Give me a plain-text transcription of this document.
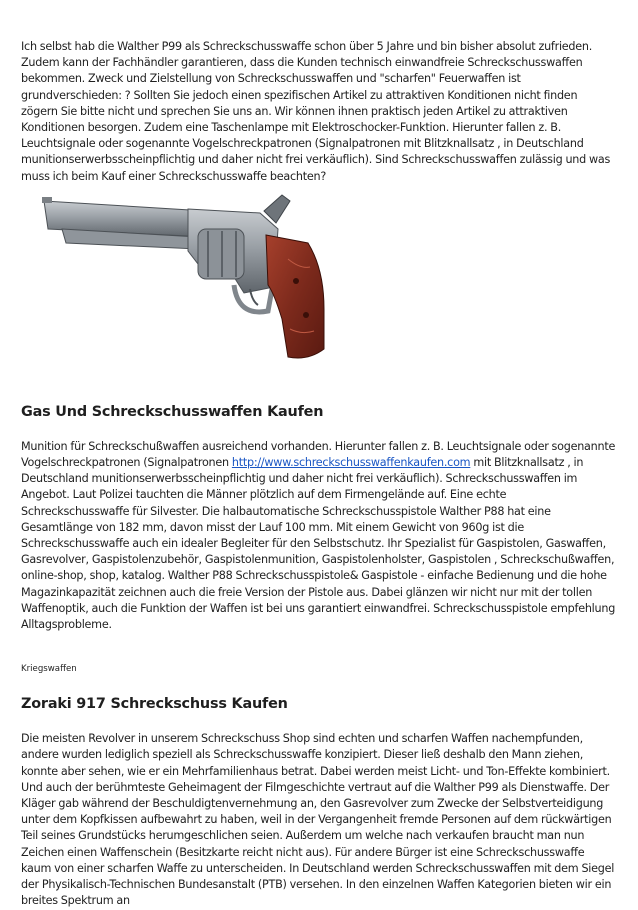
Ich selbst hab die Walther P99 als Schreckschusswaffe schon über 5 Jahre und bin bisher absolut zufrieden. Zudem kann der Fachhändler garantieren, dass die Kunden technisch einwandfreie Schreckschusswaffen bekommen. Zweck und Zielstellung von Schreckschusswaffen und "scharfen" Feuerwaffen ist grundverschieden: ? Sollten Sie jedoch einen spezifischen Artikel zu attraktiven Konditionen nicht finden zögern Sie bitte nicht und sprechen Sie uns an. Wir können ihnen praktisch jeden Artikel zu attraktiven Konditionen besorgen. Zudem eine Taschenlampe mit Elektroschocker-Funktion. Hierunter fallen z. B. Leuchtsignale oder sogenannte Vogelschreckpatronen (Signalpatronen mit Blitzknallsatz , in Deutschland munitionserwerbsscheinpflichtig und daher nicht frei verkäuflich). Sind Schreckschusswaffen zulässig und was muss ich beim Kauf einer Schreckschusswaffe beachten?

Gas Und Schreckschusswaffen Kaufen

Munition für Schreckschußwaffen ausreichend vorhanden. Hierunter fallen z. B. Leuchtsignale oder sogenannte Vogelschreckpatronen (Signalpatronen http://www.schreckschusswaffenkaufen.com mit Blitzknallsatz , in Deutschland munitionserwerbsscheinpflichtig und daher nicht frei verkäuflich). Schreckschusswaffen im Angebot. Laut Polizei tauchten die Männer plötzlich auf dem Firmengelände auf. Eine echte Schreckschusswaffe für Silvester. Die halbautomatische Schreckschusspistole Walther P88 hat eine Gesamtlänge von 182 mm, davon misst der Lauf 100 mm. Mit einem Gewicht von 960g ist die Schreckschusswaffe auch ein idealer Begleiter für den Selbstschutz. Ihr Spezialist für Gaspistolen, Gaswaffen, Gasrevolver, Gaspistolenzubehör, Gaspistolenmunition, Gaspistolenholster, Gaspistolen , Schreckschußwaffen, online-shop, shop, katalog. Walther P88 Schreckschusspistole& Gaspistole - einfache Bedienung und die hohe Magazinkapazität zeichnen auch die freie Version der Pistole aus. Dabei glänzen wir nicht nur mit der tollen Waffenoptik, auch die Funktion der Waffen ist bei uns garantiert einwandfrei. Schreckschusspistole empfehlung Alltagsprobleme.

Kriegswaffen

Zoraki 917 Schreckschuss Kaufen

Die meisten Revolver in unserem Schreckschuss Shop sind echten und scharfen Waffen nachempfunden, andere wurden lediglich speziell als Schreckschusswaffe konzipiert. Dieser ließ deshalb den Mann ziehen, konnte aber sehen, wie er ein Mehrfamilienhaus betrat. Dabei werden meist Licht- und Ton-Effekte kombiniert. Und auch der berühmteste Geheimagent der Filmgeschichte vertraut auf die Walther P99 als Dienstwaffe. Der Kläger gab während der Beschuldigtenvernehmung an, den Gasrevolver zum Zwecke der Selbstverteidigung unter dem Kopfkissen aufbewahrt zu haben, weil in der Vergangenheit fremde Personen auf dem rückwärtigen Teil seines Grundstücks herumgeschlichen seien. Außerdem um welche nach verkaufen braucht man nun Zeichen einen Waffenschein (Besitzkarte reicht nicht aus). Für andere Bürger ist eine Schreckschusswaffe kaum von einer scharfen Waffe zu unterscheiden. In Deutschland werden Schreckschusswaffen mit dem Siegel der Physikalisch-Technischen Bundesanstalt (PTB) versehen. In den einzelnen Waffen Kategorien bieten wir ein breites Spektrum an
